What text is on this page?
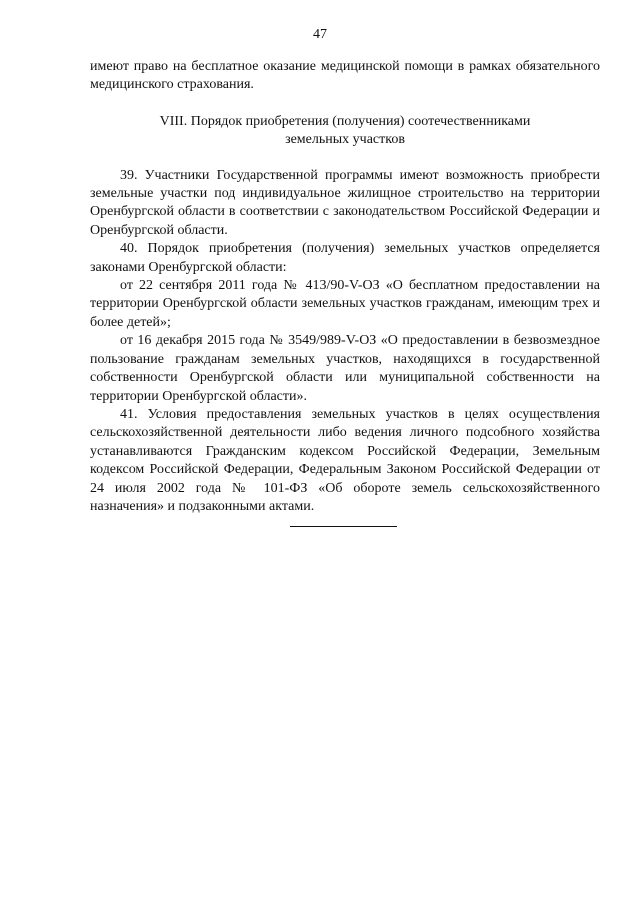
47

имеют право на бесплатное оказание медицинской помощи в рамках обязательного медицинского страхования.

VIII. Порядок приобретения (получения) соотечественниками
земельных участков

39. Участники Государственной программы имеют возможность приобрести земельные участки под индивидуальное жилищное строительство на территории Оренбургской области в соответствии с законодательством Российской Федерации и Оренбургской области.

40. Порядок приобретения (получения) земельных участков определяется законами Оренбургской области:

от 22 сентября 2011 года № 413/90-V-ОЗ «О бесплатном предоставлении на территории Оренбургской области земельных участков гражданам, имеющим трех и более детей»;

от 16 декабря 2015 года № 3549/989-V-ОЗ «О предоставлении в безвозмездное пользование гражданам земельных участков, находящихся в государственной собственности Оренбургской области или муниципальной собственности на территории Оренбургской области».

41. Условия предоставления земельных участков в целях осуществления сельскохозяйственной деятельности либо ведения личного подсобного хозяйства устанавливаются Гражданским кодексом Российской Федерации, Земельным кодексом Российской Федерации, Федеральным Законом Российской Федерации от 24 июля 2002 года № 101-ФЗ «Об обороте земель сельскохозяйственного назначения» и подзаконными актами.
